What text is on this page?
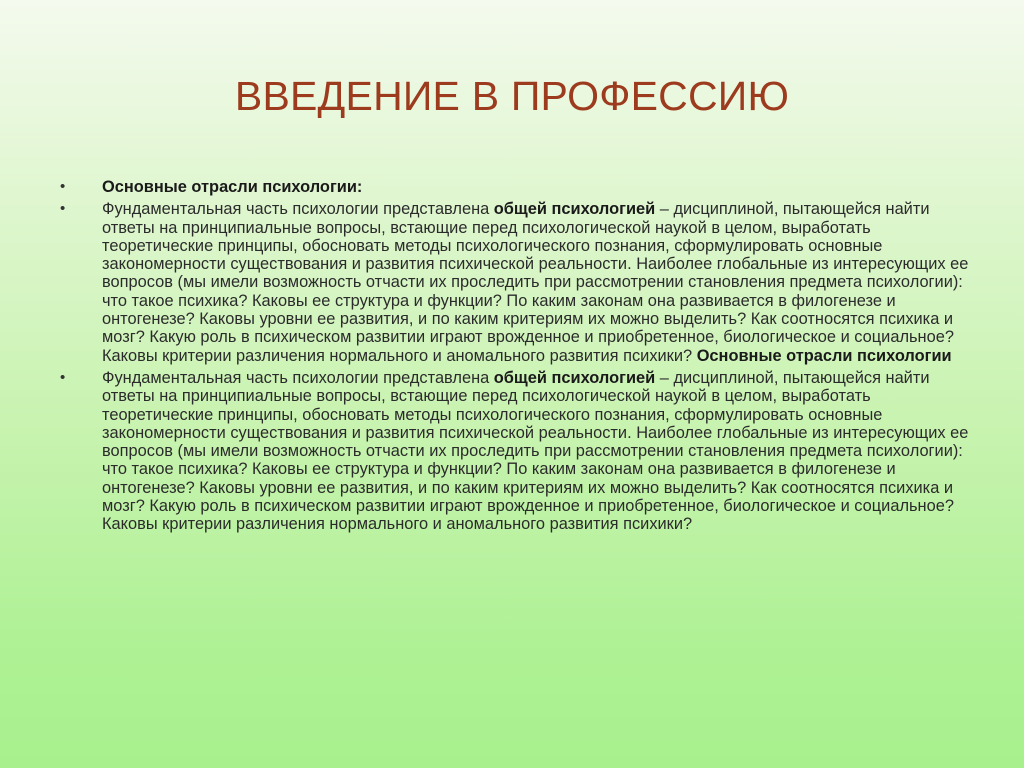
ВВЕДЕНИЕ В ПРОФЕССИЮ
•	Основные отрасли психологии:
•	Фундаментальная часть психологии представлена общей психологией – дисциплиной, пытающейся найти ответы на принципиальные вопросы, встающие перед психологической наукой в целом, выработать теоретические принципы, обосновать методы психологического познания, сформулировать основные закономерности существования и развития психической реальности. Наиболее глобальные из интересующих ее вопросов (мы имели возможность отчасти их проследить при рассмотрении становления предмета психологии): что такое психика? Каковы ее структура и функции? По каким законам она развивается в филогенезе и онтогенезе? Каковы уровни ее развития, и по каким критериям их можно выделить? Как соотносятся психика и мозг? Какую роль в психическом развитии играют врожденное и приобретенное, биологическое и социальное? Каковы критерии различения нормального и аномального развития психики? Основные отрасли психологии
•	Фундаментальная часть психологии представлена общей психологией – дисциплиной, пытающейся найти ответы на принципиальные вопросы, встающие перед психологической наукой в целом, выработать теоретические принципы, обосновать методы психологического познания, сформулировать основные закономерности существования и развития психической реальности. Наиболее глобальные из интересующих ее вопросов (мы имели возможность отчасти их проследить при рассмотрении становления предмета психологии): что такое психика? Каковы ее структура и функции? По каким законам она развивается в филогенезе и онтогенезе? Каковы уровни ее развития, и по каким критериям их можно выделить? Как соотносятся психика и мозг? Какую роль в психическом развитии играют врожденное и приобретенное, биологическое и социальное? Каковы критерии различения нормального и аномального развития психики?
